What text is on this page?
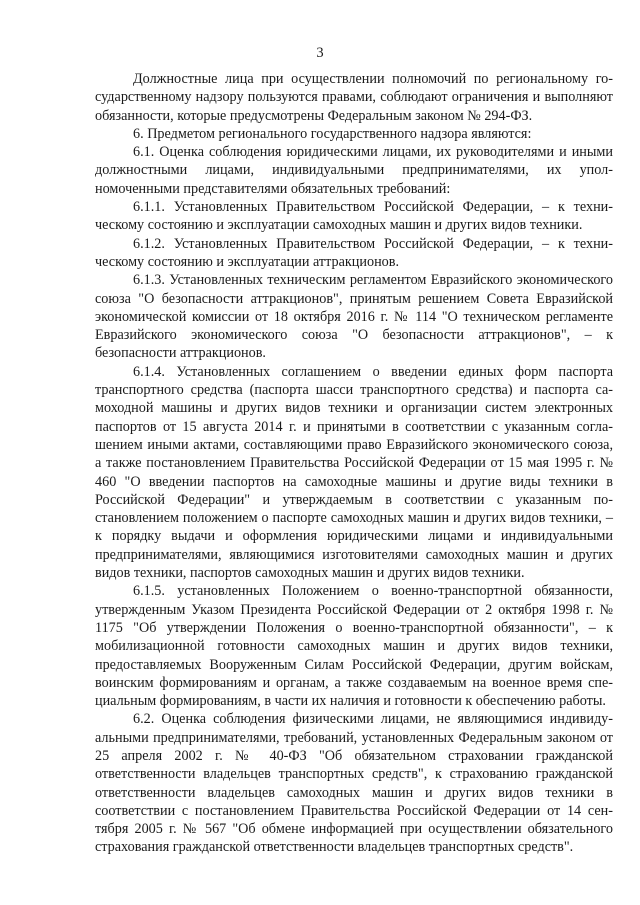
3

Должностные лица при осуществлении полномочий по региональному государственному надзору пользуются правами, соблюдают ограничения и выполняют обязанности, которые предусмотрены Федеральным законом № 294-ФЗ.

6. Предметом регионального государственного надзора являются:

6.1. Оценка соблюдения юридическими лицами, их руководителями и иными должностными лицами, индивидуальными предпринимателями, их уполномоченными представителями обязательных требований:

6.1.1. Установленных Правительством Российской Федерации, – к техническому состоянию и эксплуатации самоходных машин и других видов техники.

6.1.2. Установленных Правительством Российской Федерации, – к техническому состоянию и эксплуатации аттракционов.

6.1.3. Установленных техническим регламентом Евразийского экономического союза "О безопасности аттракционов", принятым решением Совета Евразийской экономической комиссии от 18 октября 2016 г. № 114 "О техническом регламенте Евразийского экономического союза "О безопасности аттракционов", – к безопасности аттракционов.

6.1.4. Установленных соглашением о введении единых форм паспорта транспортного средства (паспорта шасси транспортного средства) и паспорта самоходной машины и других видов техники и организации систем электронных паспортов от 15 августа 2014 г. и принятыми в соответствии с указанным соглашением иными актами, составляющими право Евразийского экономического союза, а также постановлением Правительства Российской Федерации от 15 мая 1995 г. № 460 "О введении паспортов на самоходные машины и другие виды техники в Российской Федерации" и утверждаемым в соответствии с указанным постановлением положением о паспорте самоходных машин и других видов техники, – к порядку выдачи и оформления юридическими лицами и индивидуальными предпринимателями, являющимися изготовителями самоходных машин и других видов техники, паспортов самоходных машин и других видов техники.

6.1.5. установленных Положением о военно-транспортной обязанности, утвержденным Указом Президента Российской Федерации от 2 октября 1998 г. № 1175 "Об утверждении Положения о военно-транспортной обязанности", – к мобилизационной готовности самоходных машин и других видов техники, предоставляемых Вооруженным Силам Российской Федерации, другим войскам, воинским формированиям и органам, а также создаваемым на военное время специальным формированиям, в части их наличия и готовности к обеспечению работы.

6.2. Оценка соблюдения физическими лицами, не являющимися индивидуальными предпринимателями, требований, установленных Федеральным законом от 25 апреля 2002 г. № 40-ФЗ "Об обязательном страховании гражданской ответственности владельцев транспортных средств", к страхованию гражданской ответственности владельцев самоходных машин и других видов техники в соответствии с постановлением Правительства Российской Федерации от 14 сентября 2005 г. № 567 "Об обмене информацией при осуществлении обязательного страхования гражданской ответственности владельцев транспортных средств".
